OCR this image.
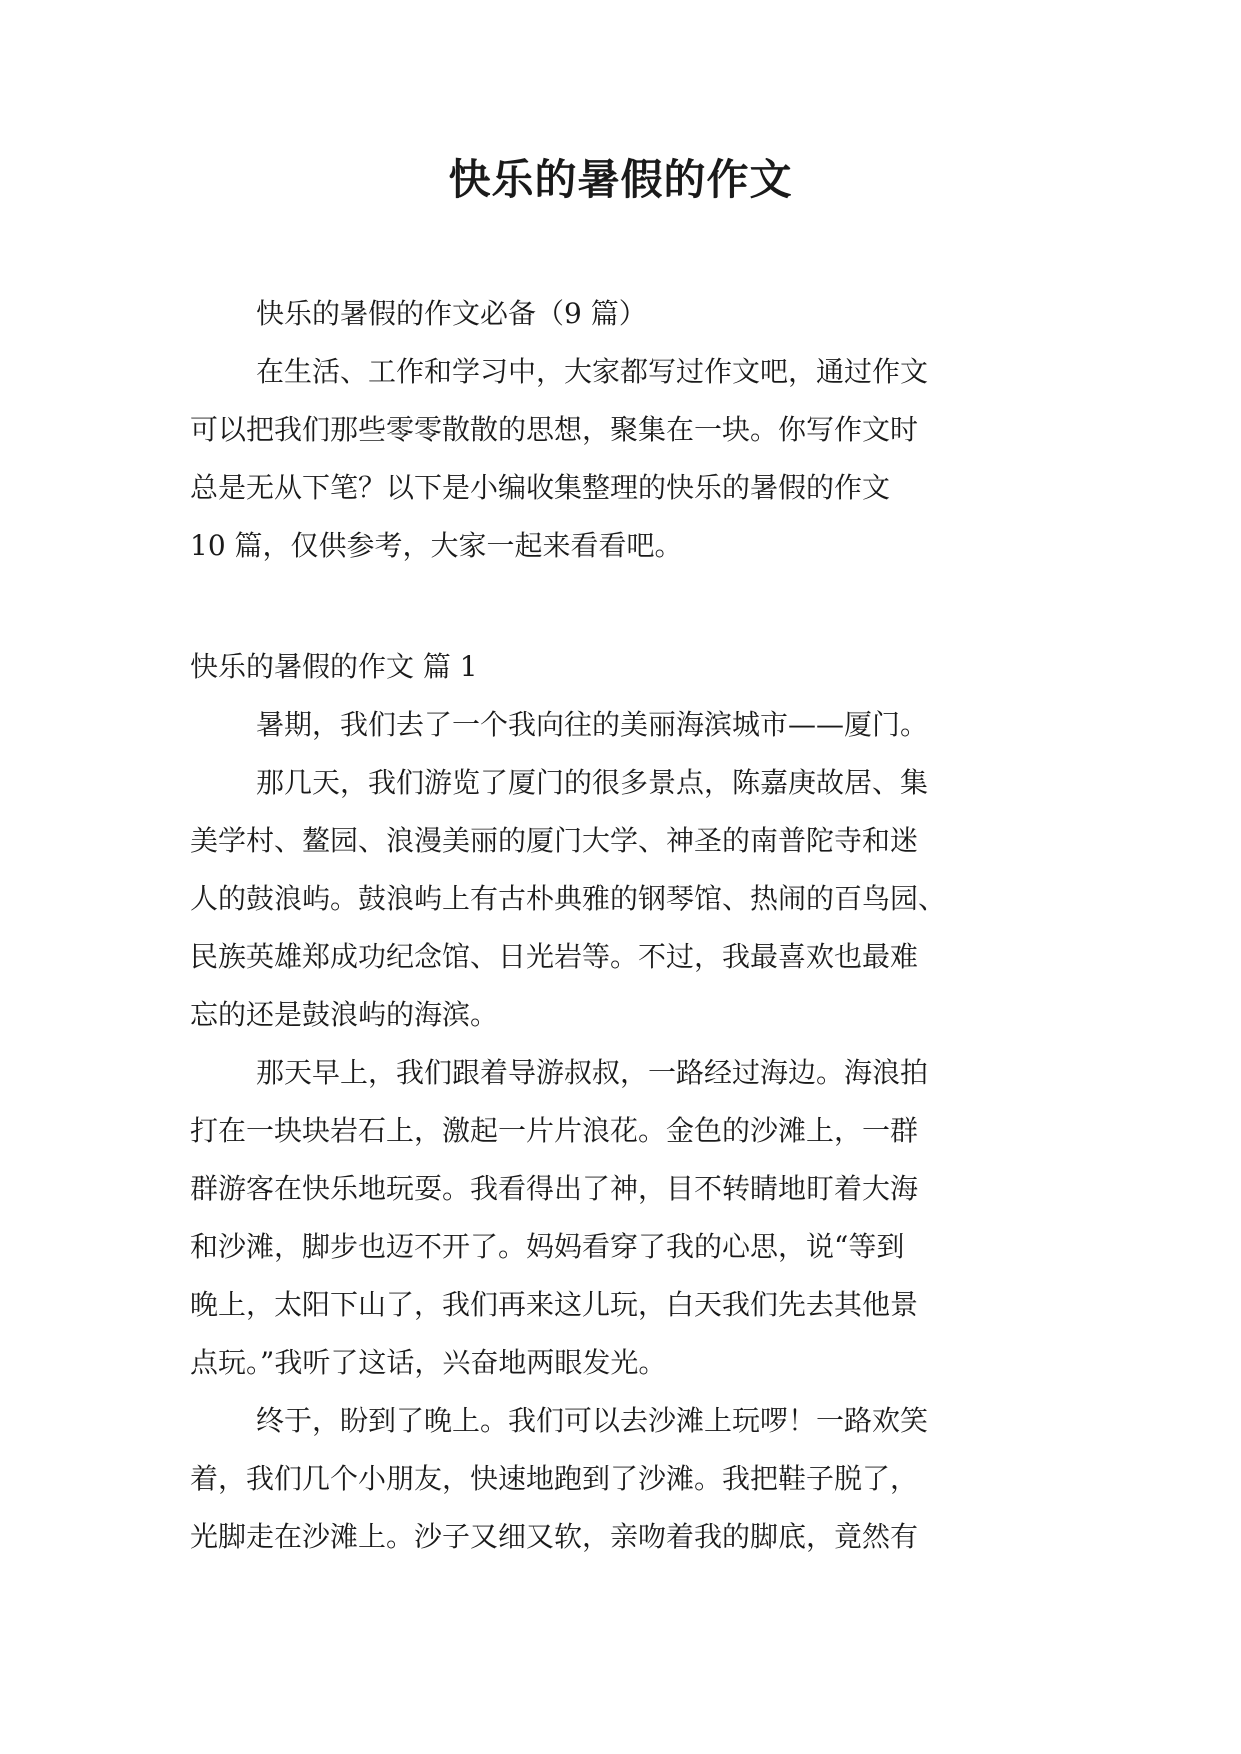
快乐的暑假的作文

快乐的暑假的作文必备（9 篇）

在生活、工作和学习中，大家都写过作文吧，通过作文

可以把我们那些零零散散的思想，聚集在一块。你写作文时

总是无从下笔？以下是小编收集整理的快乐的暑假的作文

10 篇，仅供参考，大家一起来看看吧。

快乐的暑假的作文 篇 1

暑期，我们去了一个我向往的美丽海滨城市——厦门。

那几天，我们游览了厦门的很多景点，陈嘉庚故居、集

美学村、鳌园、浪漫美丽的厦门大学、神圣的南普陀寺和迷

人的鼓浪屿。鼓浪屿上有古朴典雅的钢琴馆、热闹的百鸟园、

民族英雄郑成功纪念馆、日光岩等。不过，我最喜欢也最难

忘的还是鼓浪屿的海滨。

那天早上，我们跟着导游叔叔，一路经过海边。海浪拍

打在一块块岩石上，激起一片片浪花。金色的沙滩上，一群

群游客在快乐地玩耍。我看得出了神，目不转睛地盯着大海

和沙滩，脚步也迈不开了。妈妈看穿了我的心思，说“等到

晚上，太阳下山了，我们再来这儿玩，白天我们先去其他景

点玩。”我听了这话，兴奋地两眼发光。

终于，盼到了晚上。我们可以去沙滩上玩啰！一路欢笑

着，我们几个小朋友，快速地跑到了沙滩。我把鞋子脱了，

光脚走在沙滩上。沙子又细又软，亲吻着我的脚底，竟然有
